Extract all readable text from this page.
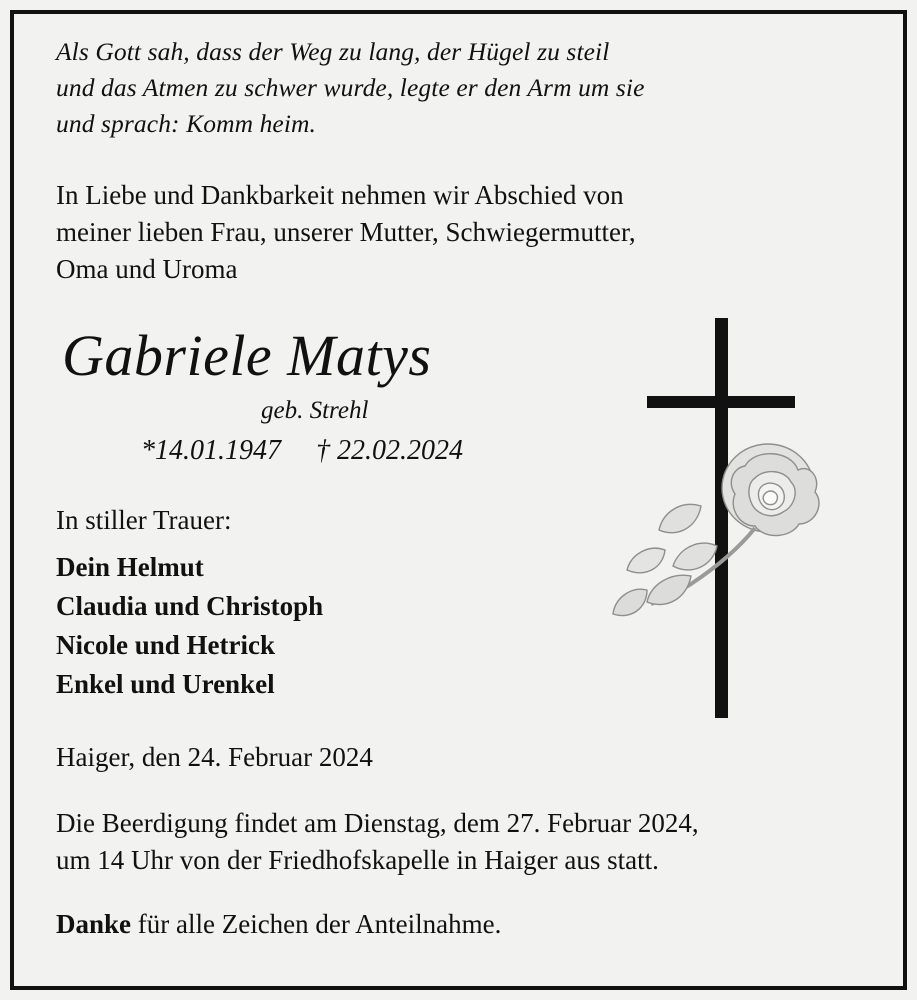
Als Gott sah, dass der Weg zu lang, der Hügel zu steil
und das Atmen zu schwer wurde, legte er den Arm um sie
und sprach: Komm heim.
In Liebe und Dankbarkeit nehmen wir Abschied von
meiner lieben Frau, unserer Mutter, Schwiegermutter,
Oma und Uroma
Gabriele Matys
geb. Strehl
*14.01.1947     † 22.02.2024
In stiller Trauer:
Dein Helmut
Claudia und Christoph
Nicole und Hetrick
Enkel und Urenkel
Haiger, den 24. Februar 2024
Die Beerdigung findet am Dienstag, dem 27. Februar 2024,
um 14 Uhr von der Friedhofskapelle in Haiger aus statt.
Danke für alle Zeichen der Anteilnahme.
